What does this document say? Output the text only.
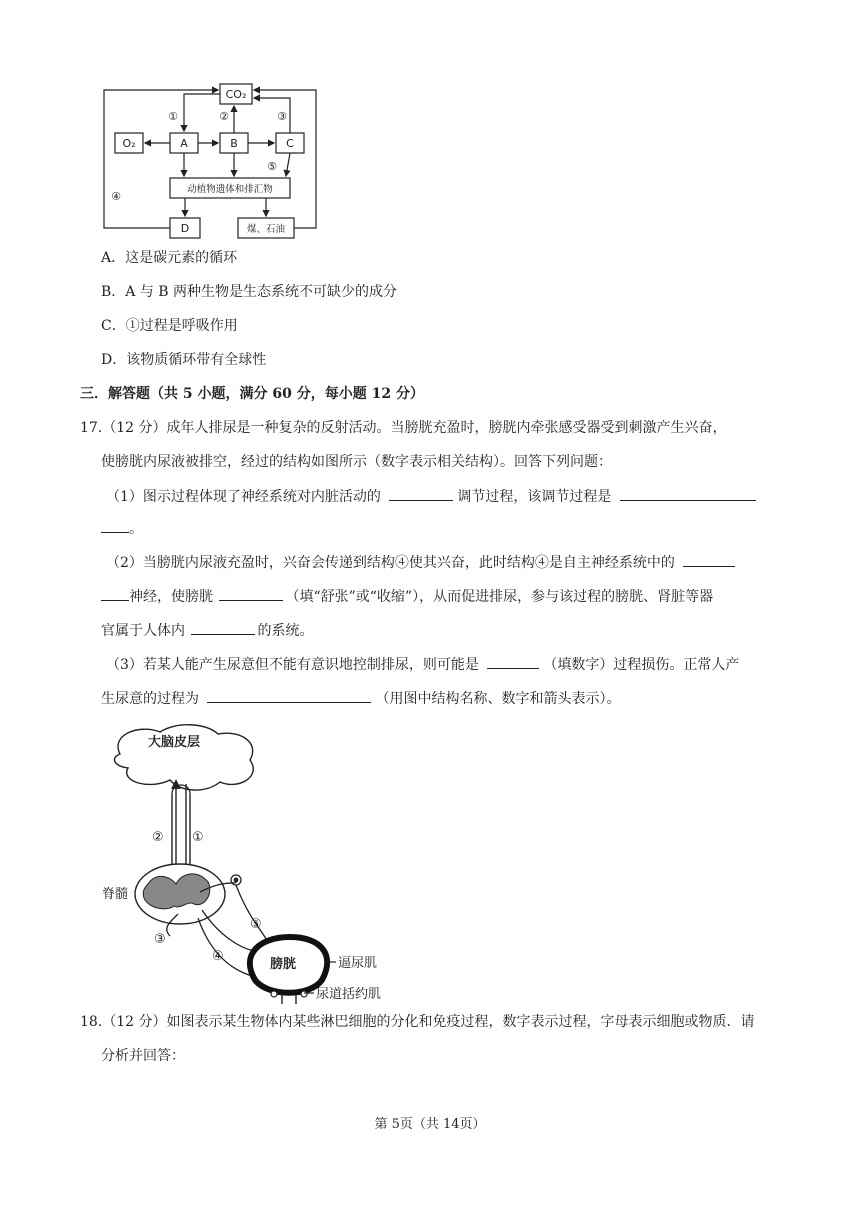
CO₂
O₂	A	B	C
动植物遗体和排汇物
D	煤、石油
①	②	③
④
⑤
A．这是碳元素的循环
B．A 与 B 两种生物是生态系统不可缺少的成分
C．①过程是呼吸作用
D．该物质循环带有全球性
三．解答题（共 5 小题，满分 60 分，每小题 12 分）
17.（12 分）成年人排尿是一种复杂的反射活动。当膀胱充盈时，膀胱内牵张感受器受到刺激产生兴奋，
使膀胱内尿液被排空，经过的结构如图所示（数字表示相关结构）。回答下列问题：
（1）图示过程体现了神经系统对内脏活动的	调节过程，该调节过程是
。
（2）当膀胱内尿液充盈时，兴奋会传递到结构④使其兴奋，此时结构④是自主神经系统中的
神经，使膀胱	（填“舒张”或“收缩”），从而促进排尿，参与该过程的膀胱、肾脏等器
官属于人体内	的系统。
（3）若某人能产生尿意但不能有意识地控制排尿，则可能是	（填数字）过程损伤。正常人产
生尿意的过程为	（用图中结构名称、数字和箭头表示）。
大脑皮层
脊髓
膀胱	逼尿肌
尿道括约肌
② ①
③
④
⑤
18.（12 分）如图表示某生物体内某些淋巴细胞的分化和免疫过程，数字表示过程，字母表示细胞或物质．请
分析并回答：
第 5页（共 14页）
